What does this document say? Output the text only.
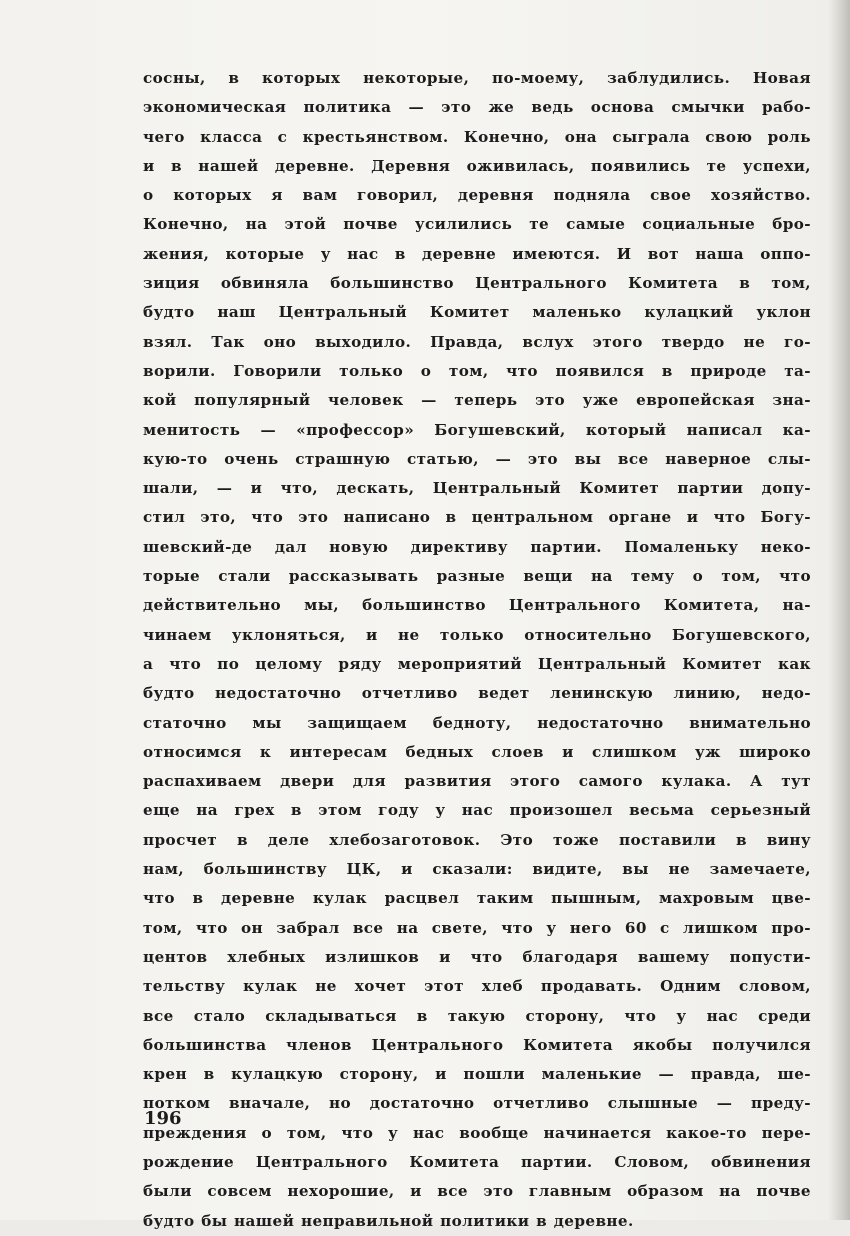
сосны, в которых некоторые, по-моему, заблудились. Новая
экономическая политика — это же ведь основа смычки рабо-
чего класса с крестьянством. Конечно, она сыграла свою роль
и в нашей деревне. Деревня оживилась, появились те успехи,
о которых я вам говорил, деревня подняла свое хозяйство.
Конечно, на этой почве усилились те самые социальные бро-
жения, которые у нас в деревне имеются. И вот наша оппо-
зиция обвиняла большинство Центрального Комитета в том,
будто наш Центральный Комитет маленько кулацкий уклон
взял. Так оно выходило. Правда, вслух этого твердо не го-
ворили. Говорили только о том, что появился в природе та-
кой популярный человек — теперь это уже европейская зна-
менитость — «профессор» Богушевский, который написал ка-
кую-то очень страшную статью, — это вы все наверное слы-
шали, — и что, дескать, Центральный Комитет партии допу-
стил это, что это написано в центральном органе и что Богу-
шевский-де дал новую директиву партии. Помаленьку неко-
торые стали рассказывать разные вещи на тему о том, что
действительно мы, большинство Центрального Комитета, на-
чинаем уклоняться, и не только относительно Богушевского,
а что по целому ряду мероприятий Центральный Комитет как
будто недостаточно отчетливо ведет ленинскую линию, недо-
статочно мы защищаем бедноту, недостаточно внимательно
относимся к интересам бедных слоев и слишком уж широко
распахиваем двери для развития этого самого кулака. А тут
еще на грех в этом году у нас произошел весьма серьезный
просчет в деле хлебозаготовок. Это тоже поставили в вину
нам, большинству ЦК, и сказали: видите, вы не замечаете,
что в деревне кулак расцвел таким пышным, махровым цве-
том, что он забрал все на свете, что у него 60 с лишком про-
центов хлебных излишков и что благодаря вашему попусти-
тельству кулак не хочет этот хлеб продавать. Одним словом,
все стало складываться в такую сторону, что у нас среди
большинства членов Центрального Комитета якобы получился
крен в кулацкую сторону, и пошли маленькие — правда, ше-
потком вначале, но достаточно отчетливо слышные — преду-
преждения о том, что у нас вообще начинается какое-то пере-
рождение Центрального Комитета партии. Словом, обвинения
были совсем нехорошие, и все это главным образом на почве
будто бы нашей неправильной политики в деревне.
196
